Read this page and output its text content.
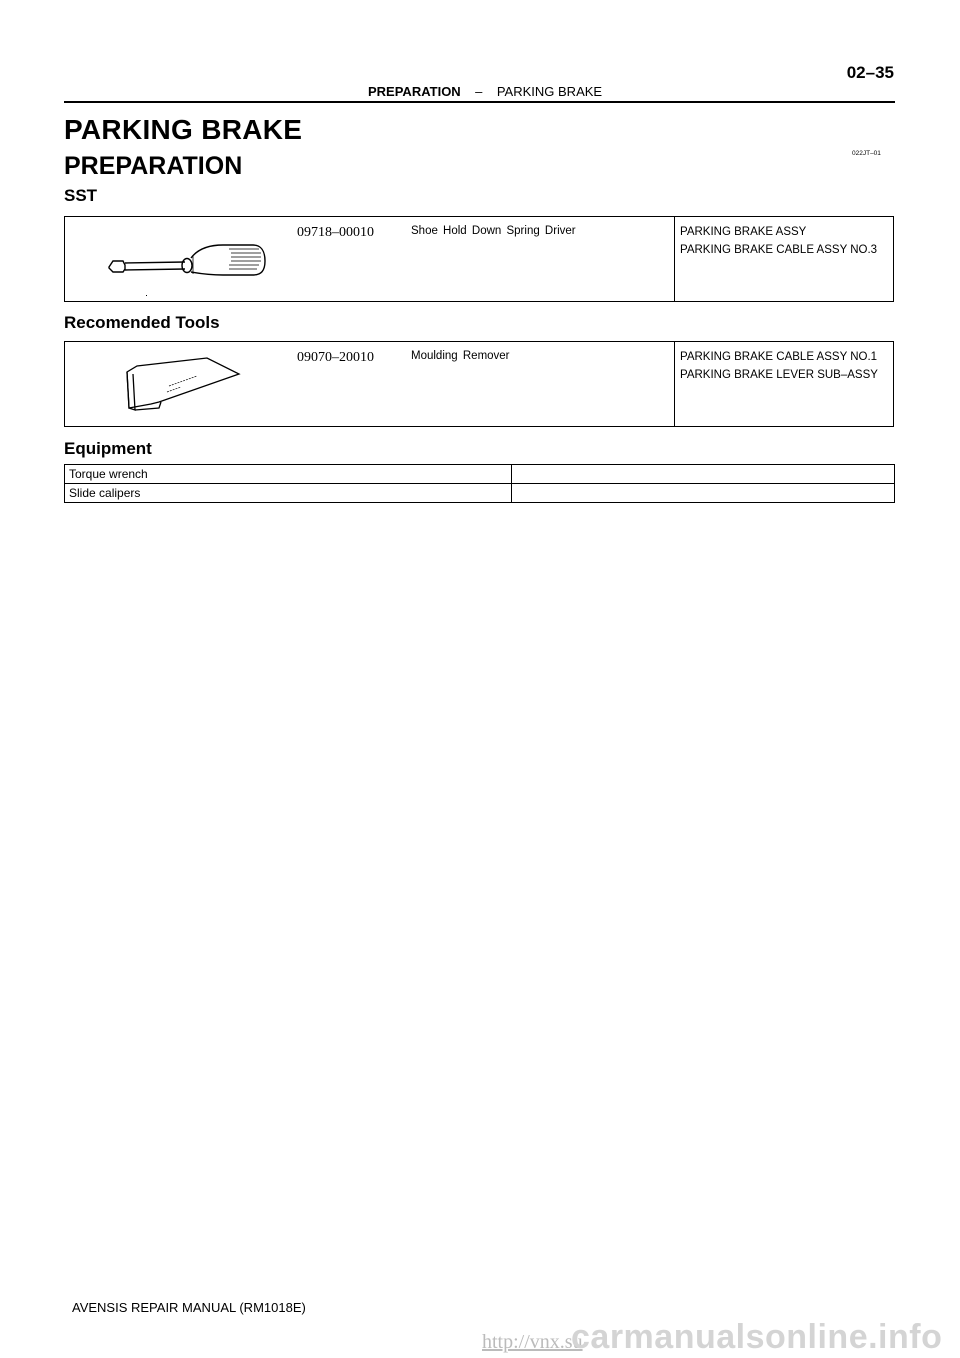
02–35
PREPARATION – PARKING BRAKE
PARKING BRAKE
PREPARATION	022JT–01
SST
09718–00010	Shoe Hold Down Spring Driver	PARKING BRAKE ASSY
PARKING BRAKE CABLE ASSY NO.3
Recomended Tools
09070–20010	Moulding Remover	PARKING BRAKE CABLE ASSY NO.1
PARKING BRAKE LEVER SUB–ASSY
Equipment
Torque wrench	
Slide calipers	
AVENSIS REPAIR MANUAL (RM1018E)
http://vnx.su
carmanualsonline.info
